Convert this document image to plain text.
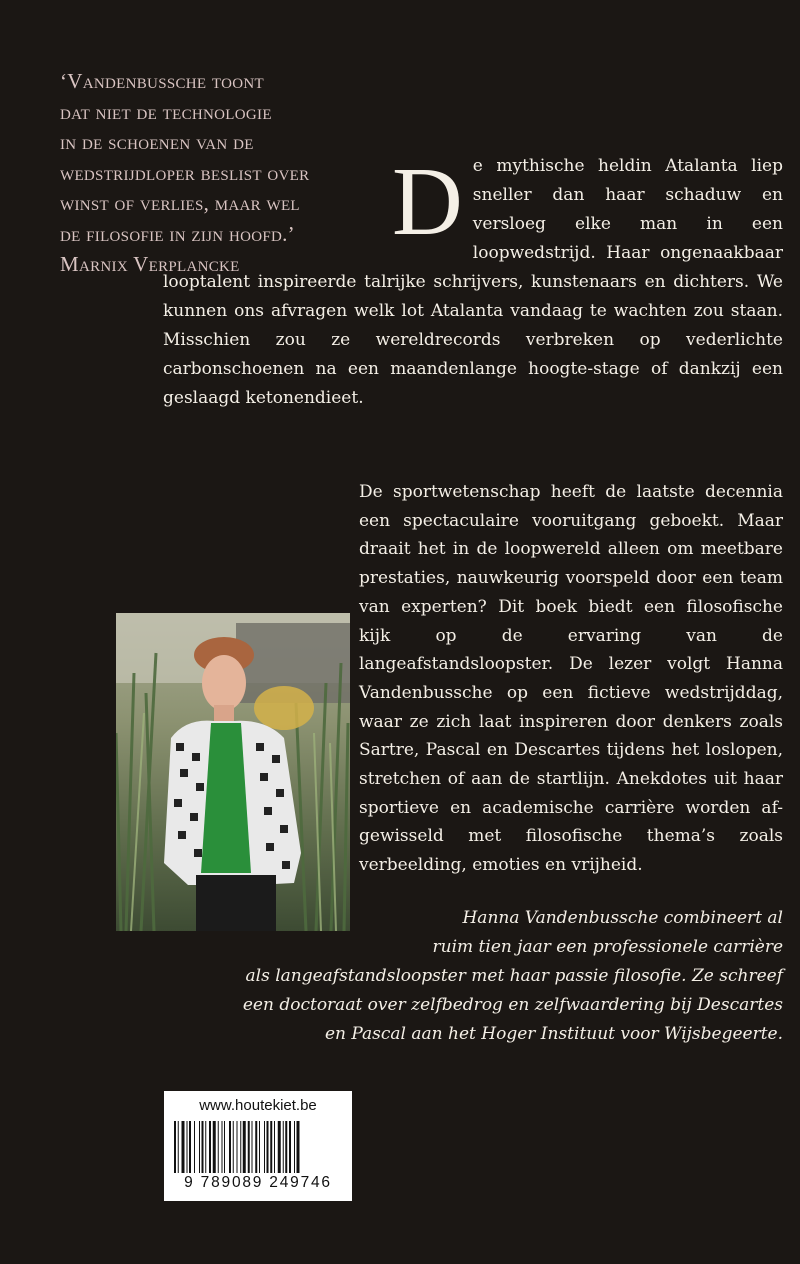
‘Vandenbussche toont
dat niet de technologie
in de schoenen van de
wedstrijdloper beslist over
winst of verlies, maar wel
de filosofie in zijn hoofd.’
Marnix Verplancke

D e mythische heldin Atalanta liep sneller dan haar schaduw en versloeg elke man in een loopwedstrijd. Haar ongenaakbaar looptalent inspireerde talrijke schrijvers, kunstenaars en dichters. We kunnen ons afvragen welk lot Atalanta vandaag te wachten zou staan. Misschien zou ze wereldrecords verbreken op vederlichte carbonschoenen na een maandenlange hoogte-stage of dankzij een geslaagd ketonendieet.

De sportwetenschap heeft de laatste decennia een spectaculaire vooruitgang geboekt. Maar draait het in de loopwereld alleen om meetbare prestaties, nauwkeurig voorspeld door een team van experten? Dit boek biedt een filosofische kijk op de ervaring van de langeafstandsloopster. De lezer volgt Hanna Vandenbussche op een fictieve wedstrijddag, waar ze zich laat inspireren door denkers zoals Sartre, Pascal en Descartes tijdens het loslopen, stretchen of aan de startlijn. Anekdotes uit haar sportieve en academische carrière worden af-gewisseld met filosofische thema’s zoals verbeelding, emoties en vrijheid.

Hanna Vandenbussche combineert al
ruim tien jaar een professionele carrière
als langeafstandsloopster met haar passie filosofie. Ze schreef
een doctoraat over zelfbedrog en zelfwaardering bij Descartes
en Pascal aan het Hoger Instituut voor Wijsbegeerte.

www.houtekiet.be
9 789089 249746
